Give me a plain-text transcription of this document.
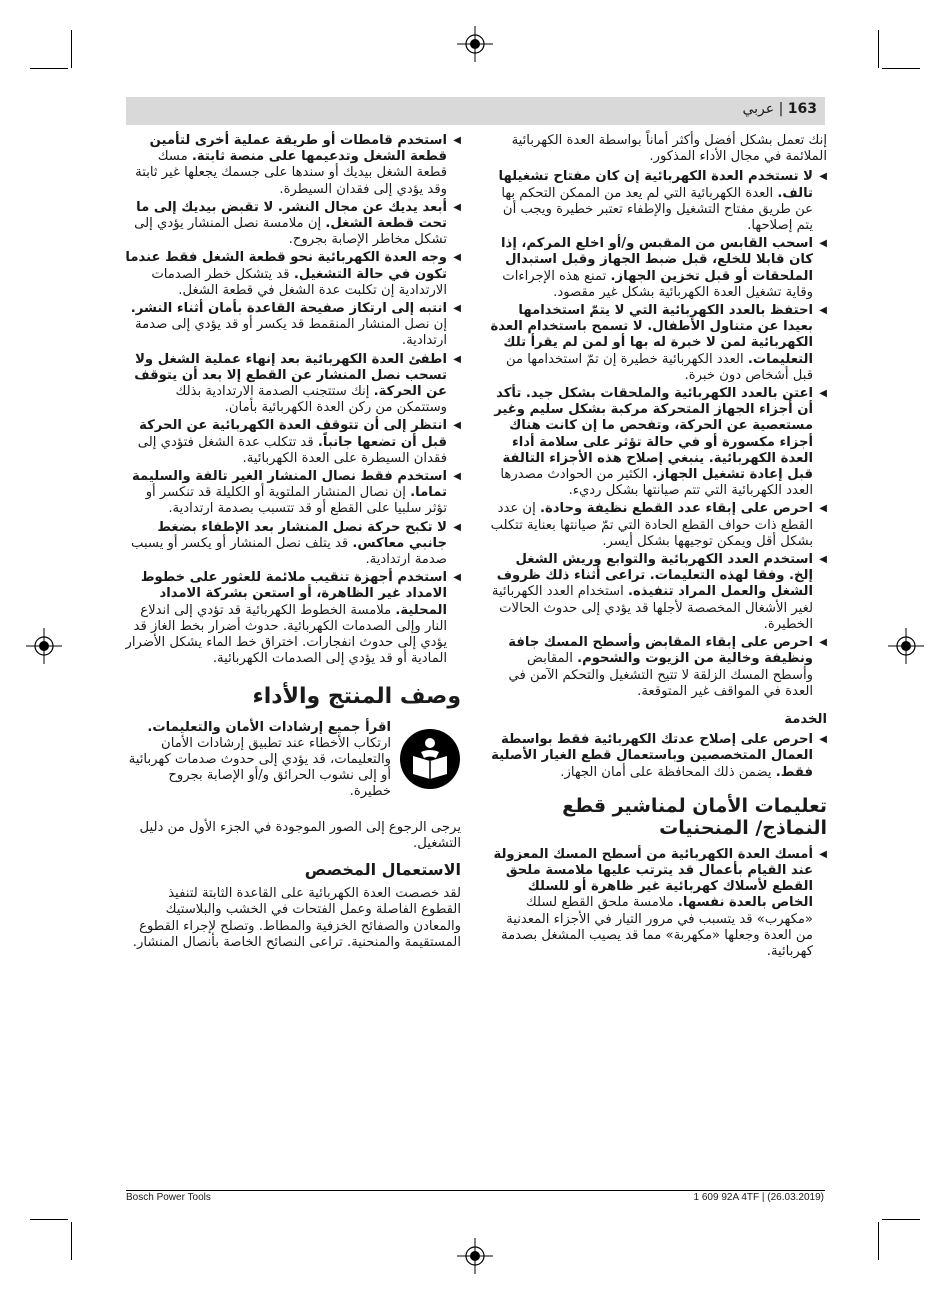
163 | عربي
إنك تعمل بشكل أفضل وأكثر أماناً بواسطة العدة الكهربائية الملائمة في مجال الأداء المذكور.
◀
لا تستخدم العدة الكهربائية إن كان مفتاح تشغيلها تالف. العدة الكهربائية التي لم يعد من الممكن التحكم بها عن طريق مفتاح التشغيل والإطفاء تعتبر خطيرة ويجب أن يتم إصلاحها.
◀
اسحب القابس من المقبس و/أو اخلع المركم، إذا كان قابلا للخلع، قبل ضبط الجهاز وقبل استبدال الملحقات أو قبل تخزين الجهاز. تمنع هذه الإجراءات وقاية تشغيل العدة الكهربائية بشكل غير مقصود.
◀
احتفظ بالعدد الكهربائية التي لا يتمّ استخدامها بعيدا عن متناول الأطفال. لا تسمح باستخدام العدة الكهربائية لمن لا خبرة له بها أو لمن لم يقرأ تلك التعليمات. العدد الكهربائية خطيرة إن تمّ استخدامها من قبل أشخاص دون خبرة.
◀
اعتن بالعدد الكهربائية والملحقات بشكل جيد. تأكد أن أجزاء الجهاز المتحركة مركبة بشكل سليم وغير مستعصية عن الحركة، وتفحص ما إن كانت هناك أجزاء مكسورة أو في حالة تؤثر على سلامة أداء العدة الكهربائية. ينبغي إصلاح هذه الأجزاء التالفة قبل إعادة تشغيل الجهاز. الكثير من الحوادث مصدرها العدد الكهربائية التي تتم صيانتها بشكل رديء.
◀
احرص على إبقاء عدد القطع نظيفة وحادة. إن عدد القطع ذات حواف القطع الحادة التي تمّ صيانتها بعناية تتكلب بشكل أقل ويمكن توجيهها بشكل أيسر.
◀
استخدم العدد الكهربائية والتوابع وريش الشغل إلخ. وفقا لهذه التعليمات. تراعى أثناء ذلك ظروف الشغل والعمل المراد تنفيذه. استخدام العدد الكهربائية لغير الأشغال المخصصة لأجلها قد يؤدي إلى حدوث الحالات الخطيرة.
◀
احرص على إبقاء المقابض وأسطح المسك جافة ونظيفة وخالية من الزيوت والشحوم. المقابض وأسطح المسك الزلقة لا تتيح التشغيل والتحكم الآمن في العدة في المواقف غير المتوقعة.
الخدمة
◀
احرص على إصلاح عدتك الكهربائية فقط بواسطة العمال المتخصصين وباستعمال قطع الغيار الأصلية فقط. يضمن ذلك المحافظة على أمان الجهاز.
تعليمات الأمان لمناشير قطع النماذج/ المنحنيات
◀
أمسك العدة الكهربائية من أسطح المسك المعزولة عند القيام بأعمال قد يترتب عليها ملامسة ملحق القطع لأسلاك كهربائية غير ظاهرة أو للسلك الخاص بالعدة نفسها. ملامسة ملحق القطع لسلك «مكهرب» قد يتسبب في مرور التيار في الأجزاء المعدنية من العدة وجعلها «مكهربة» مما قد يصيب المشغل بصدمة كهربائية.
◀
استخدم قامطات أو طريقة عملية أخرى لتأمين قطعة الشغل وتدعيمها على منصة ثابتة. مسك قطعة الشغل بيديك أو سندها على جسمك يجعلها غير ثابتة وقد يؤدي إلى فقدان السيطرة.
◀
أبعد يديك عن مجال النشر. لا تقبض بيديك إلى ما تحت قطعة الشغل. إن ملامسة نصل المنشار يؤدي إلى تشكل مخاطر الإصابة بجروح.
◀
وجه العدة الكهربائية نحو قطعة الشغل فقط عندما تكون في حالة التشغيل. قد يتشكل خطر الصدمات الارتدادية إن تكلبت عدة الشغل في قطعة الشغل.
◀
انتبه إلى ارتكاز صفيحة القاعدة بأمان أثناء النشر. إن نصل المنشار المنقمط قد يكسر أو قد يؤدي إلى صدمة ارتدادية.
◀
اطفئ العدة الكهربائية بعد إنهاء عملية الشغل ولا تسحب نصل المنشار عن القطع إلا بعد أن يتوقف عن الحركة. إنك ستتجنب الصدمة الارتدادية بذلك وستتمكن من ركن العدة الكهربائية بأمان.
◀
انتظر إلى أن تتوقف العدة الكهربائية عن الحركة قبل أن تضعها جانباً. قد تتكلب عدة الشغل فتؤدي إلى فقدان السيطرة على العدة الكهربائية.
◀
استخدم فقط نصال المنشار الغير تالفة والسليمة تماما. إن نصال المنشار الملتوية أو الكليلة قد تنكسر أو تؤثر سلبيا على القطع أو قد تتسبب بصدمة ارتدادية.
◀
لا تكبح حركة نصل المنشار بعد الإطفاء بضغط جانبي معاكس. قد يتلف نصل المنشار أو يكسر أو يسبب صدمة ارتدادية.
◀
استخدم أجهزة تنقيب ملائمة للعثور على خطوط الامداد غير الظاهرة، أو استعن بشركة الامداد المحلية. ملامسة الخطوط الكهربائية قد تؤدي إلى اندلاع النار وإلى الصدمات الكهربائية. حدوث أضرار بخط الغاز قد يؤدي إلى حدوث انفجارات. اختراق خط الماء يشكل الأضرار المادية أو قد يؤدي إلى الصدمات الكهربائية.
وصف المنتج والأداء
اقرأ جميع إرشادات الأمان والتعليمات. ارتكاب الأخطاء عند تطبيق إرشادات الأمان والتعليمات، قد يؤدي إلى حدوث صدمات كهربائية أو إلى نشوب الحرائق و/أو الإصابة بجروح خطيرة.
يرجى الرجوع إلى الصور الموجودة في الجزء الأول من دليل التشغيل.
الاستعمال المخصص
لقد خصصت العدة الكهربائية على القاعدة الثابتة لتنفيذ القطوع الفاصلة وعمل الفتحات في الخشب والبلاستيك والمعادن والصفائح الخزفية والمطاط. وتصلح لإجراء القطوع المستقيمة والمنحنية. تراعى النصائح الخاصة بأنصال المنشار.
Bosch Power Tools	1 609 92A 4TF | (26.03.2019)
